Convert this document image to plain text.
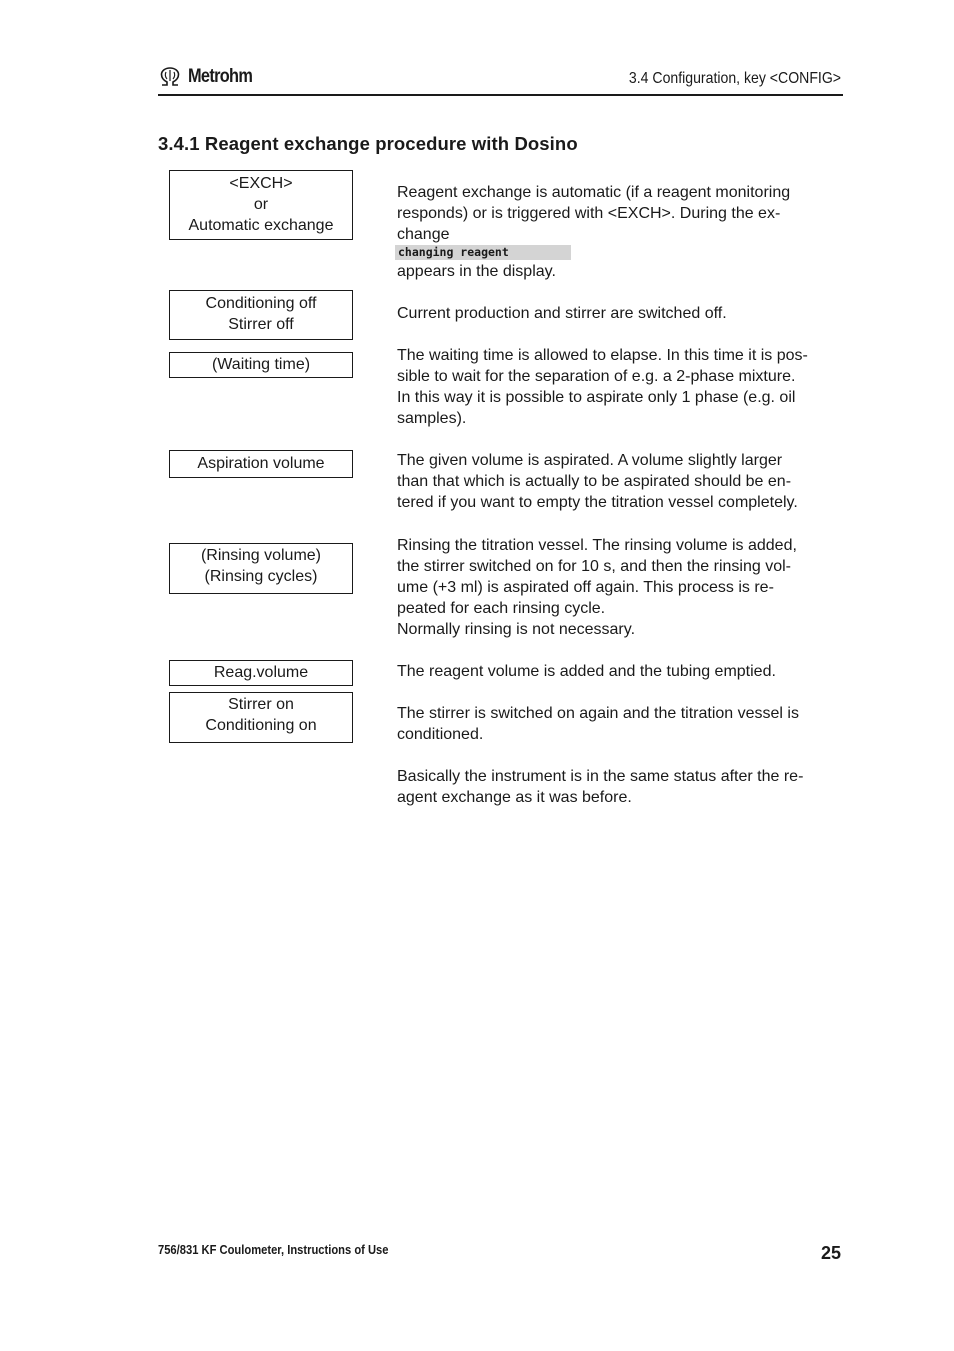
Metrohm	3.4 Configuration, key <CONFIG>
3.4.1 Reagent exchange procedure with Dosino
<EXCH>
or
Automatic exchange
Conditioning off
Stirrer off
(Waiting time)
Aspiration volume
(Rinsing volume)
(Rinsing cycles)
Reag.volume
Stirrer on
Conditioning on
Reagent exchange is automatic (if a reagent monitoring
responds) or is triggered with <EXCH>. During the ex-
change
changing reagent
appears in the display.
Current production and stirrer are switched off.
The waiting time is allowed to elapse. In this time it is pos-
sible to wait for the separation of e.g. a 2-phase mixture.
In this way it is possible to aspirate only 1 phase (e.g. oil
samples).
The given volume is aspirated. A volume slightly larger
than that which is actually to be aspirated should be en-
tered if you want to empty the titration vessel completely.
Rinsing the titration vessel. The rinsing volume is added,
the stirrer switched on for 10 s, and then the rinsing vol-
ume (+3 ml) is aspirated off again. This process is re-
peated for each rinsing cycle.
Normally rinsing is not necessary.
The reagent volume is added and the tubing emptied.
The stirrer is switched on again and the titration vessel is
conditioned.
Basically the instrument is in the same status after the re-
agent exchange as it was before.
756/831 KF Coulometer, Instructions of Use	25
